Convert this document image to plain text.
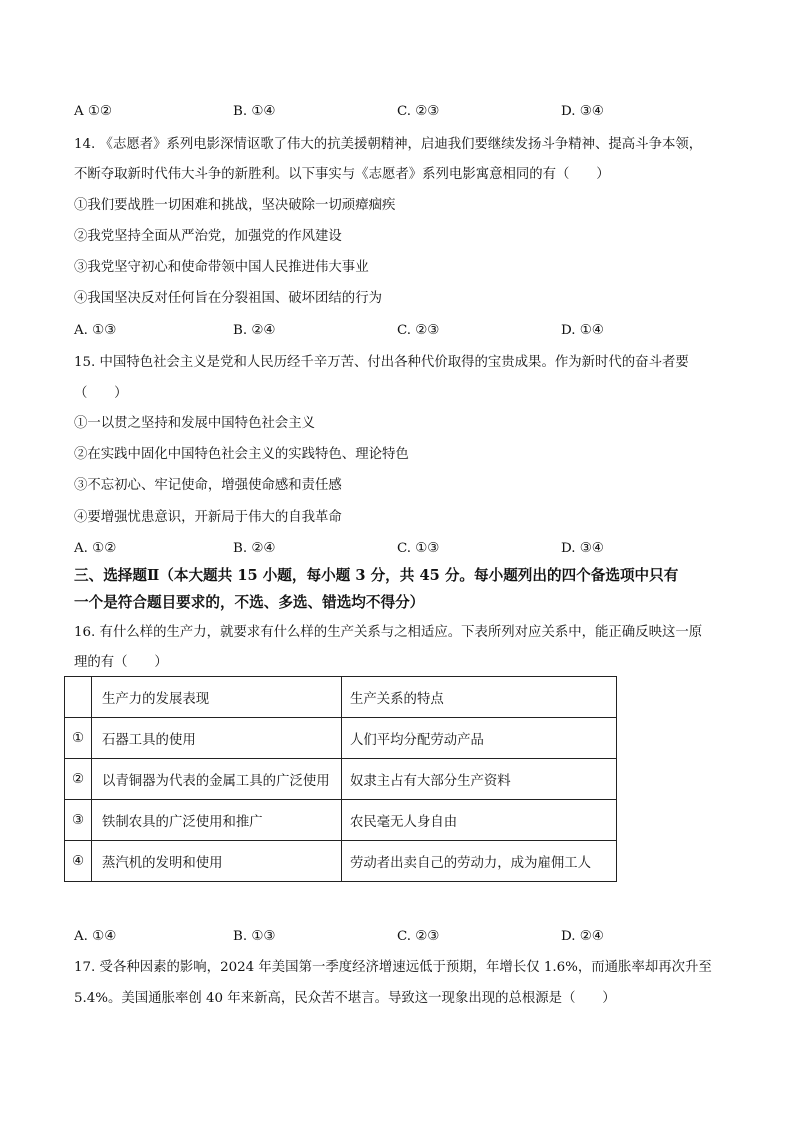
A ①②	B. ①④	C. ②③	D. ③④
14. 《志愿者》系列电影深情讴歌了伟大的抗美援朝精神，启迪我们要继续发扬斗争精神、提高斗争本领，
不断夺取新时代伟大斗争的新胜利。以下事实与《志愿者》系列电影寓意相同的有（　　）
①我们要战胜一切困难和挑战，坚决破除一切顽瘴痼疾
②我党坚持全面从严治党，加强党的作风建设
③我党坚守初心和使命带领中国人民推进伟大事业
④我国坚决反对任何旨在分裂祖国、破坏团结的行为
A. ①③	B. ②④	C. ②③	D. ①④
15. 中国特色社会主义是党和人民历经千辛万苦、付出各种代价取得的宝贵成果。作为新时代的奋斗者要
（　　）
①一以贯之坚持和发展中国特色社会主义
②在实践中固化中国特色社会主义的实践特色、理论特色
③不忘初心、牢记使命，增强使命感和责任感
④要增强忧患意识，开新局于伟大的自我革命
A. ①②	B. ②④	C. ①③	D. ③④
三、选择题Ⅱ（本大题共 15 小题，每小题 3 分，共 45 分。每小题列出的四个备选项中只有
一个是符合题目要求的，不选、多选、错选均不得分）
16. 有什么样的生产力，就要求有什么样的生产关系与之相适应。下表所列对应关系中，能正确反映这一原
理的有（　　）
	生产力的发展表现	生产关系的特点
①	石器工具的使用	人们平均分配劳动产品
②	以青铜器为代表的金属工具的广泛使用	奴隶主占有大部分生产资料
③	铁制农具的广泛使用和推广	农民毫无人身自由
④	蒸汽机的发明和使用	劳动者出卖自己的劳动力，成为雇佣工人
A. ①④	B. ①③	C. ②③	D. ②④
17. 受各种因素的影响，2024 年美国第一季度经济增速远低于预期，年增长仅 1.6%，而通胀率却再次升至
5.4%。美国通胀率创 40 年来新高，民众苦不堪言。导致这一现象出现的总根源是（　　）
